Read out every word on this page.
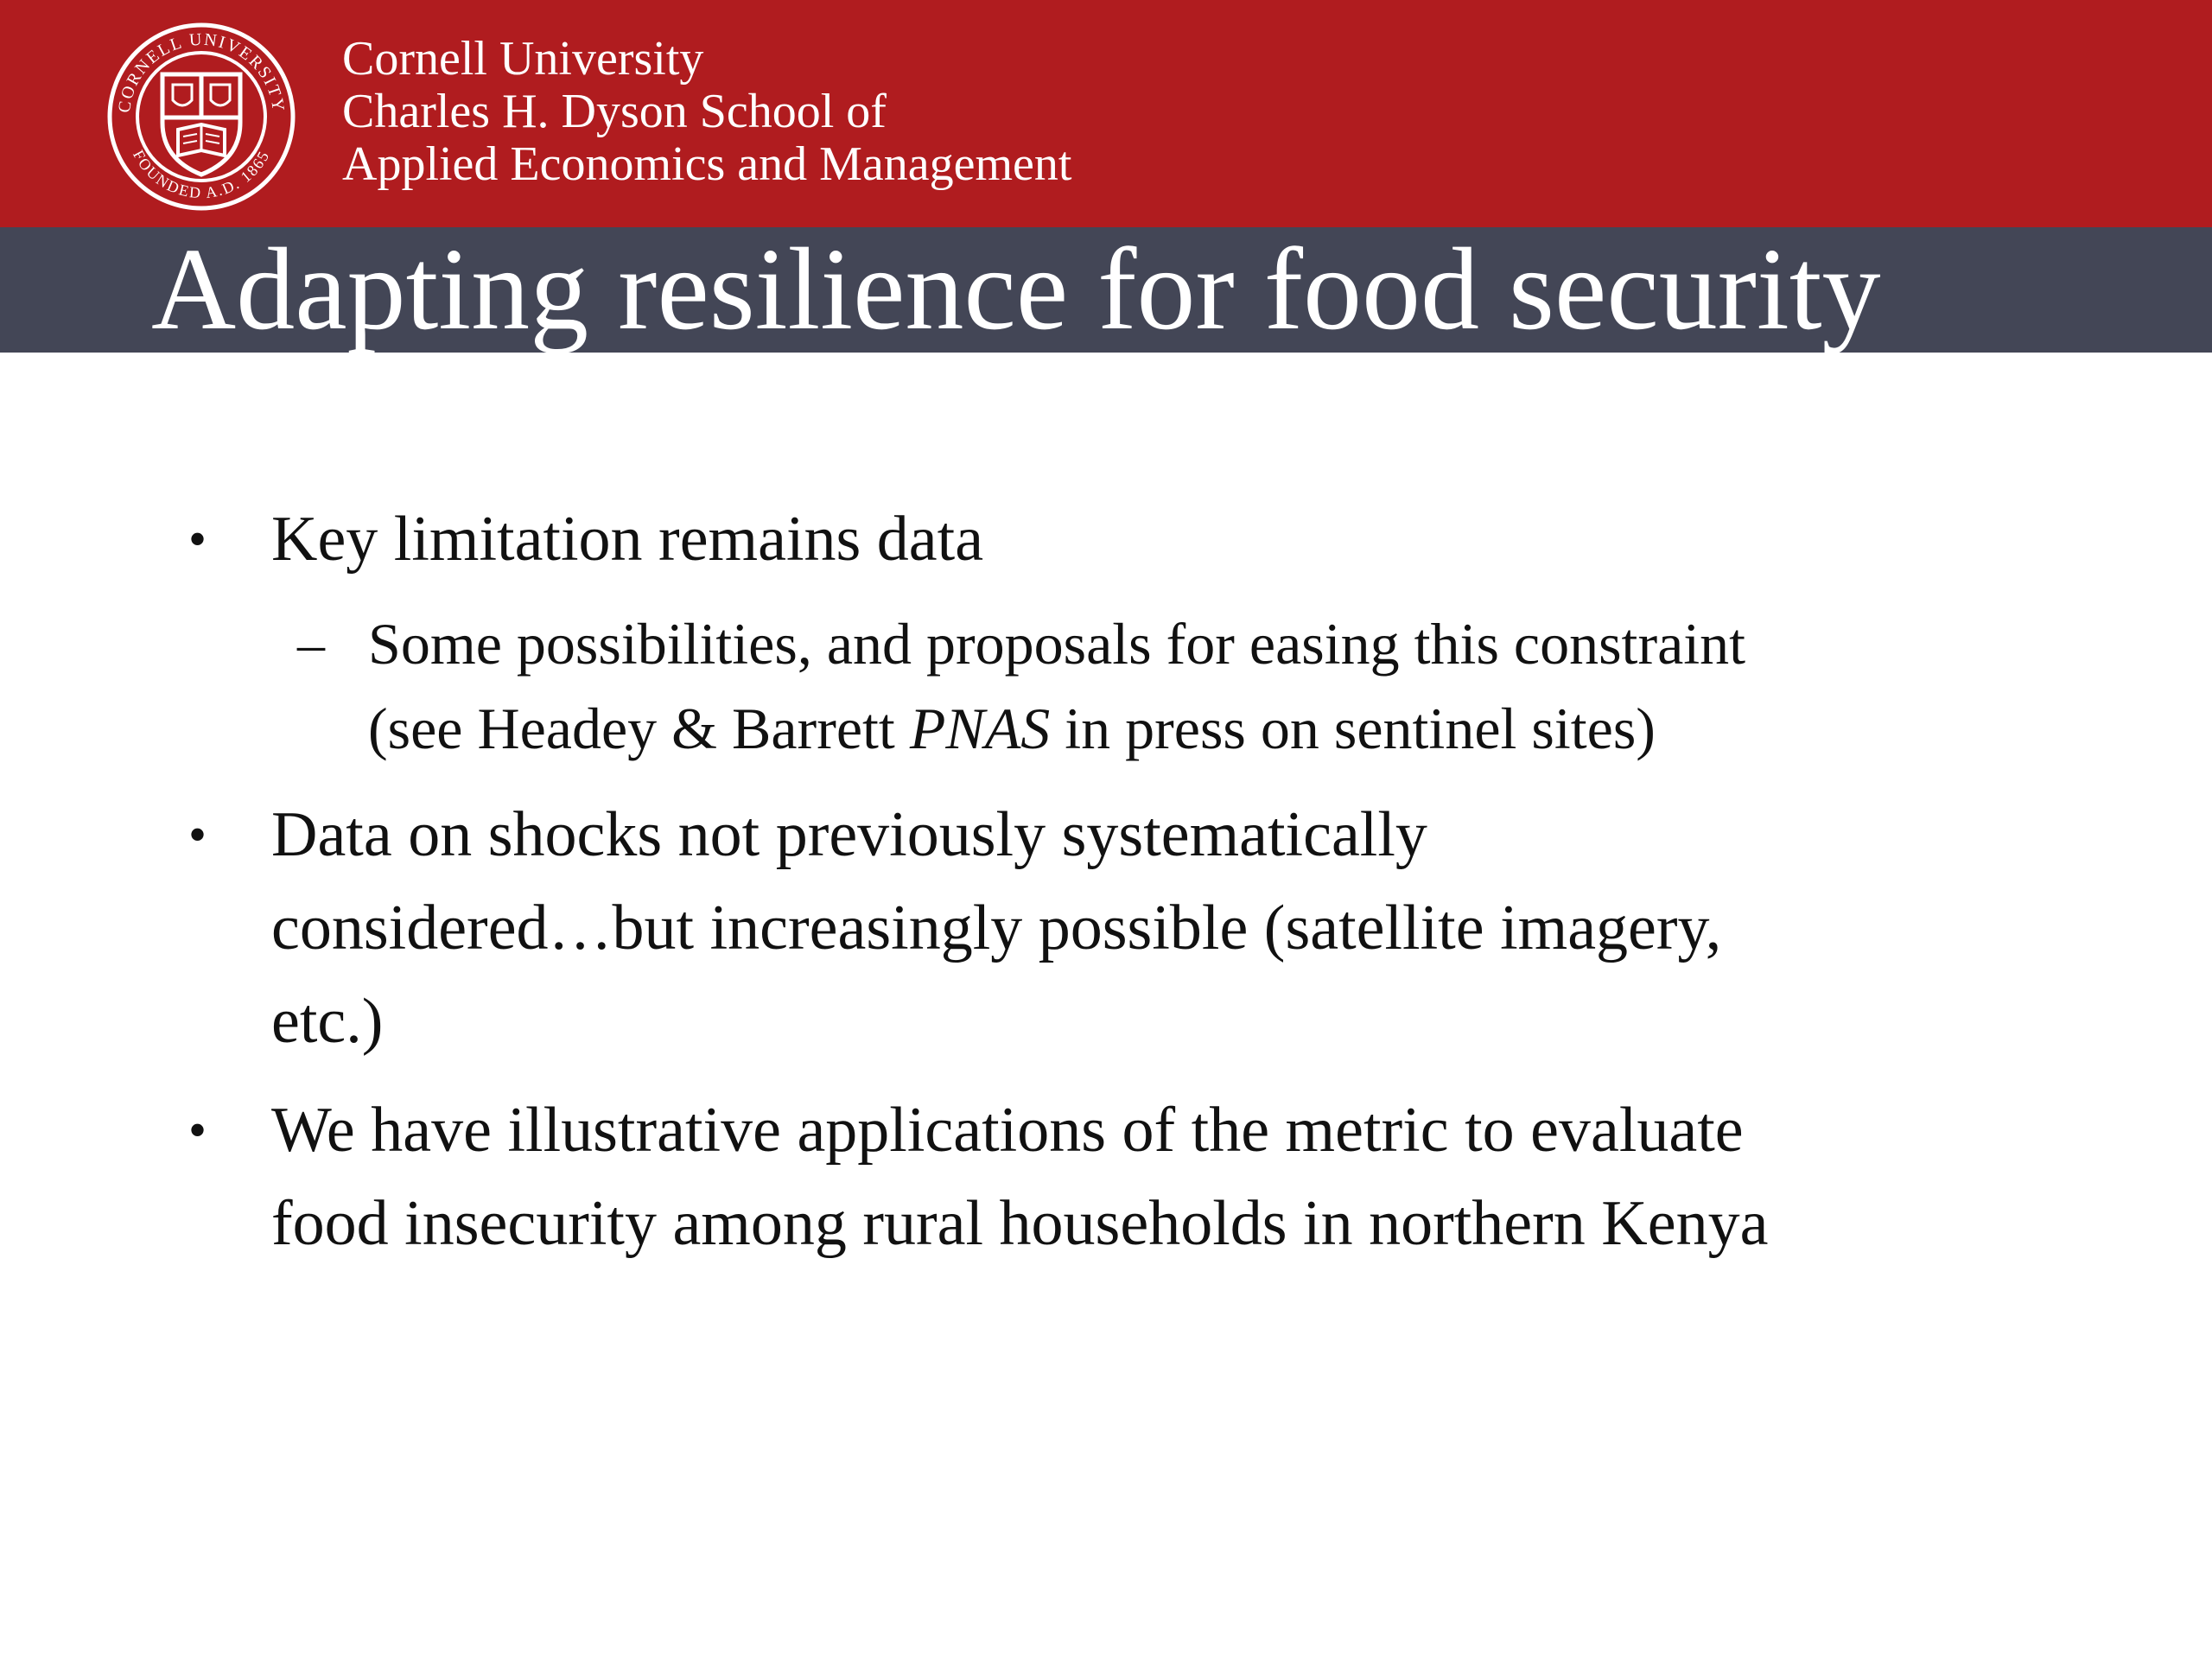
CORNELL UNIVERSITY
FOUNDED A.D. 1865
Cornell University
Charles H. Dyson School of
Applied Economics and Management
Adapting resilience for food security
• Key limitation remains data
– Some possibilities, and proposals for easing this constraint
(see Headey & Barrett PNAS in press on sentinel sites)
• Data on shocks not previously systematically
considered…but increasingly possible (satellite imagery,
etc.)
• We have illustrative applications of the metric to evaluate
food insecurity among rural households in northern Kenya
